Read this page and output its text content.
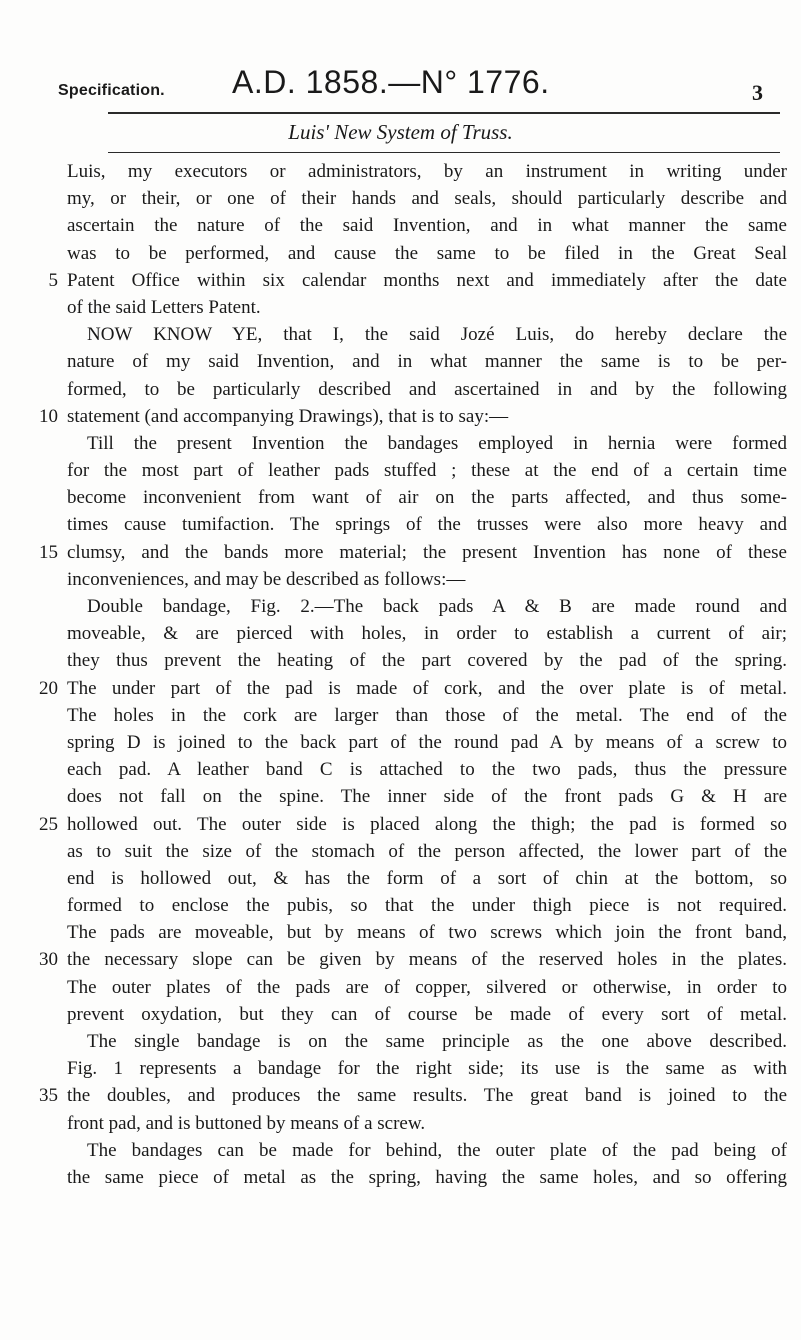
Specification. A.D. 1858.—N° 1776.	3
Luis' New System of Truss.
Luis, my executors or administrators, by an instrument in writing under
my, or their, or one of their hands and seals, should particularly describe and
ascertain the nature of the said Invention, and in what manner the same
was to be performed, and cause the same to be filed in the Great Seal
5 Patent Office within six calendar months next and immediately after the date
of the said Letters Patent.
NOW KNOW YE, that I, the said Jozé Luis, do hereby declare the
nature of my said Invention, and in what manner the same is to be per-
formed, to be particularly described and ascertained in and by the following
10 statement (and accompanying Drawings), that is to say:—
Till the present Invention the bandages employed in hernia were formed
for the most part of leather pads stuffed ; these at the end of a certain time
become inconvenient from want of air on the parts affected, and thus some-
times cause tumifaction. The springs of the trusses were also more heavy and
15 clumsy, and the bands more material; the present Invention has none of these
inconveniences, and may be described as follows:—
Double bandage, Fig. 2.—The back pads A & B are made round and
moveable, & are pierced with holes, in order to establish a current of air;
they thus prevent the heating of the part covered by the pad of the spring.
20 The under part of the pad is made of cork, and the over plate is of metal.
The holes in the cork are larger than those of the metal. The end of the
spring D is joined to the back part of the round pad A by means of a screw to
each pad. A leather band C is attached to the two pads, thus the pressure
does not fall on the spine. The inner side of the front pads G & H are
25 hollowed out. The outer side is placed along the thigh; the pad is formed so
as to suit the size of the stomach of the person affected, the lower part of the
end is hollowed out, & has the form of a sort of chin at the bottom, so
formed to enclose the pubis, so that the under thigh piece is not required.
The pads are moveable, but by means of two screws which join the front band,
30 the necessary slope can be given by means of the reserved holes in the plates.
The outer plates of the pads are of copper, silvered or otherwise, in order to
prevent oxydation, but they can of course be made of every sort of metal.
The single bandage is on the same principle as the one above described.
Fig. 1 represents a bandage for the right side; its use is the same as with
35 the doubles, and produces the same results. The great band is joined to the
front pad, and is buttoned by means of a screw.
The bandages can be made for behind, the outer plate of the pad being of
the same piece of metal as the spring, having the same holes, and so offering
